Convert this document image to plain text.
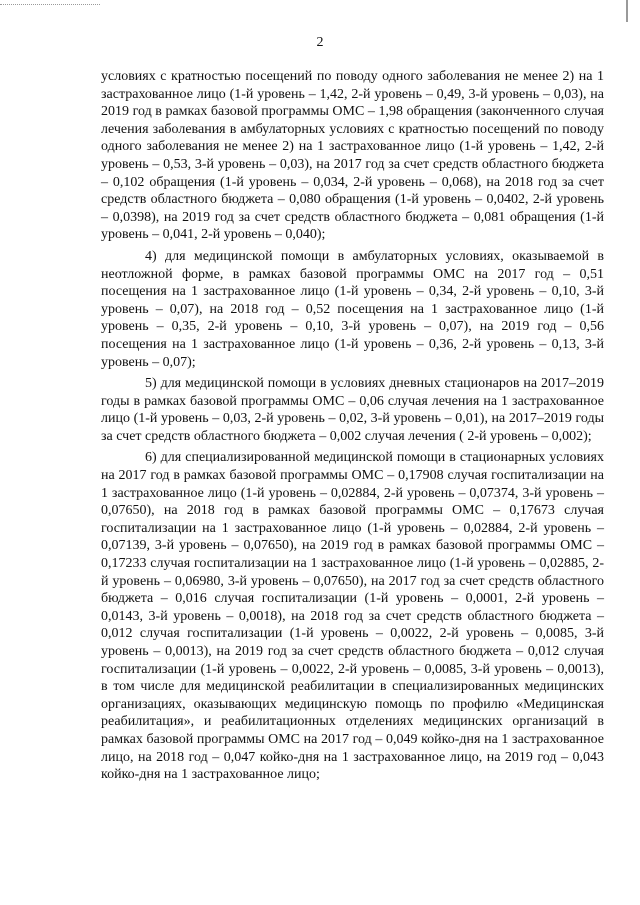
2

условиях с кратностью посещений по поводу одного заболевания не менее 2) на 1 застрахованное лицо (1-й уровень – 1,42, 2-й уровень – 0,49, 3-й уровень – 0,03), на 2019 год в рамках базовой программы ОМС – 1,98 обращения (законченного случая лечения заболевания в амбулаторных условиях с кратностью посещений по поводу одного заболевания не менее 2) на 1 застрахованное лицо (1-й уровень – 1,42, 2-й уровень – 0,53, 3-й уровень – 0,03), на 2017 год за счет средств областного бюджета – 0,102 обращения (1-й уровень – 0,034, 2-й уровень – 0,068), на 2018 год за счет средств областного бюджета – 0,080 обращения (1-й уровень – 0,0402, 2-й уровень – 0,0398), на 2019 год за счет средств областного бюджета – 0,081 обращения (1-й уровень – 0,041, 2-й уровень – 0,040);

4) для медицинской помощи в амбулаторных условиях, оказываемой в неотложной форме, в рамках базовой программы ОМС на 2017 год – 0,51 посещения на 1 застрахованное лицо (1-й уровень – 0,34, 2-й уровень – 0,10, 3-й уровень – 0,07), на 2018 год – 0,52 посещения на 1 застрахованное лицо (1-й уровень – 0,35, 2-й уровень – 0,10, 3-й уровень – 0,07), на 2019 год – 0,56 посещения на 1 застрахованное лицо (1-й уровень – 0,36, 2-й уровень – 0,13, 3-й уровень – 0,07);

5) для медицинской помощи в условиях дневных стационаров на 2017–2019 годы в рамках базовой программы ОМС – 0,06 случая лечения на 1 застрахованное лицо (1-й уровень – 0,03, 2-й уровень – 0,02, 3-й уровень – 0,01), на 2017–2019 годы за счет средств областного бюджета – 0,002 случая лечения ( 2-й уровень – 0,002);

6) для специализированной медицинской помощи в стационарных условиях на 2017 год в рамках базовой программы ОМС – 0,17908 случая госпитализации на 1 застрахованное лицо (1-й уровень – 0,02884, 2-й уровень – 0,07374, 3-й уровень – 0,07650), на 2018 год в рамках базовой программы ОМС – 0,17673 случая госпитализации на 1 застрахованное лицо (1-й уровень – 0,02884, 2-й уровень – 0,07139, 3-й уровень – 0,07650), на 2019 год в рамках базовой программы ОМС – 0,17233 случая госпитализации на 1 застрахованное лицо (1-й уровень – 0,02885, 2-й уровень – 0,06980, 3-й уровень – 0,07650), на 2017 год за счет средств областного бюджета – 0,016 случая госпитализации (1-й уровень – 0,0001, 2-й уровень – 0,0143, 3-й уровень – 0,0018), на 2018 год за счет средств областного бюджета – 0,012 случая госпитализации (1-й уровень – 0,0022, 2-й уровень – 0,0085, 3-й уровень – 0,0013), на 2019 год за счет средств областного бюджета – 0,012 случая госпитализации (1-й уровень – 0,0022, 2-й уровень – 0,0085, 3-й уровень – 0,0013), в том числе для медицинской реабилитации в специализированных медицинских организациях, оказывающих медицинскую помощь по профилю «Медицинская реабилитация», и реабилитационных отделениях медицинских организаций в рамках базовой программы ОМС на 2017 год – 0,049 койко-дня на 1 застрахованное лицо, на 2018 год – 0,047 койко-дня на 1 застрахованное лицо, на 2019 год – 0,043 койко-дня на 1 застрахованное лицо;
